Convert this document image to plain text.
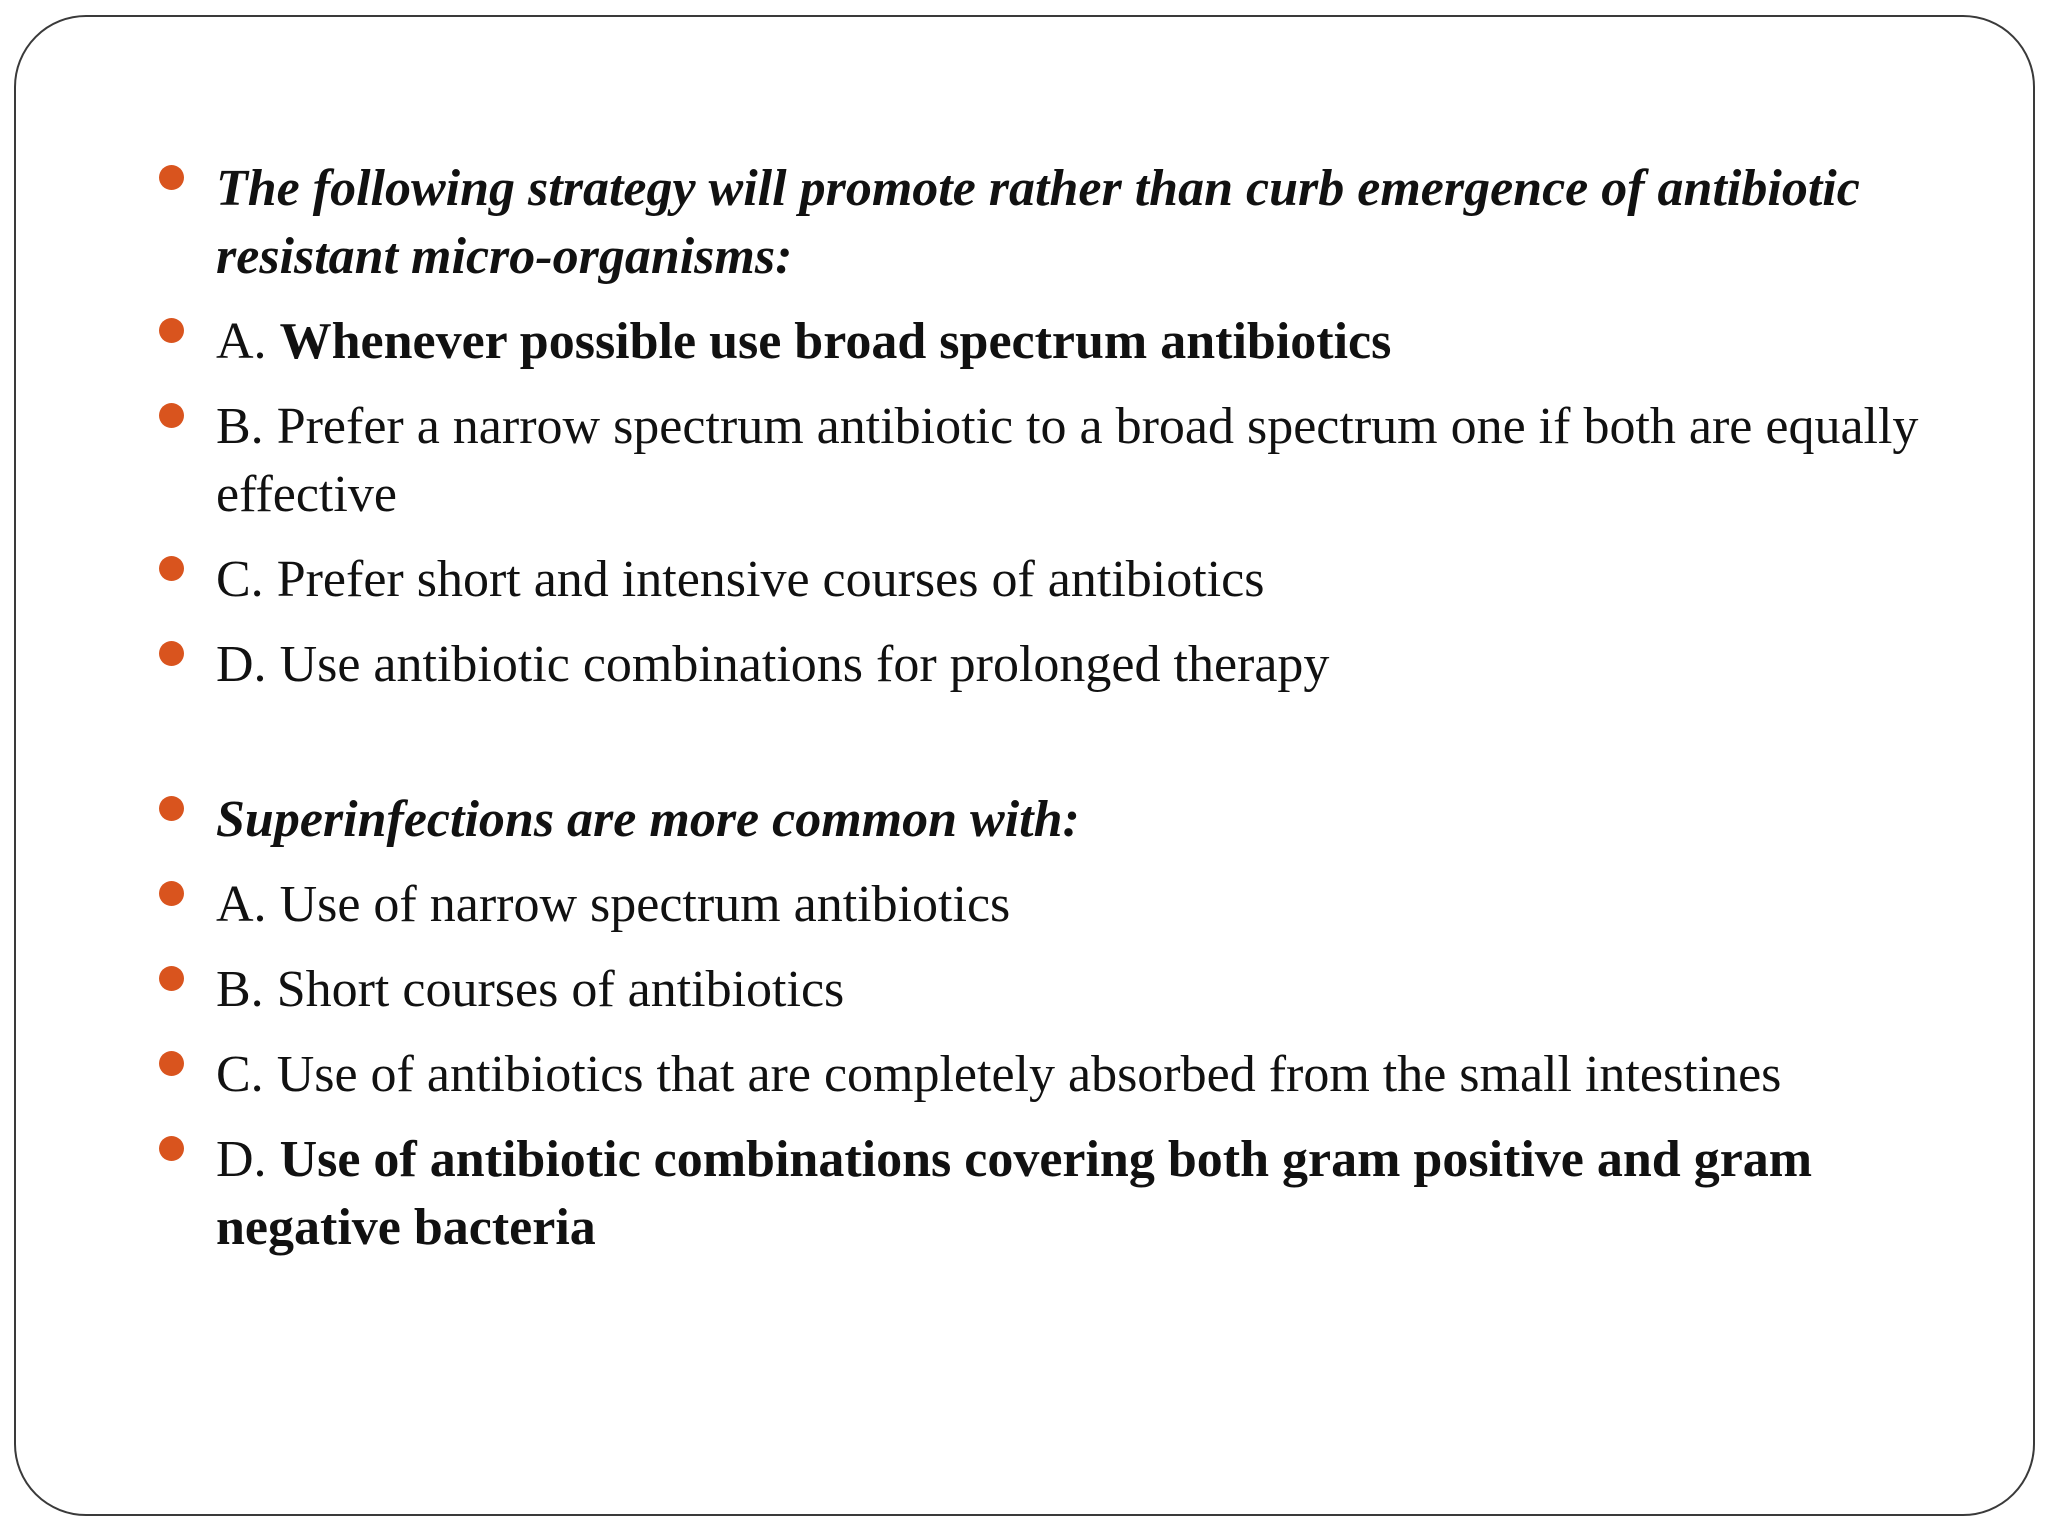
The following strategy will promote rather than curb emergence of antibiotic resistant micro-organisms:
A. Whenever possible use broad spectrum antibiotics
B. Prefer a narrow spectrum antibiotic to a broad spectrum one if both are equally effective
C. Prefer short and intensive courses of antibiotics
D. Use antibiotic combinations for prolonged therapy
Superinfections are more common with:
A. Use of narrow spectrum antibiotics
B. Short courses of antibiotics
C. Use of antibiotics that are completely absorbed from the small intestines
D. Use of antibiotic combinations covering both gram positive and gram negative bacteria
